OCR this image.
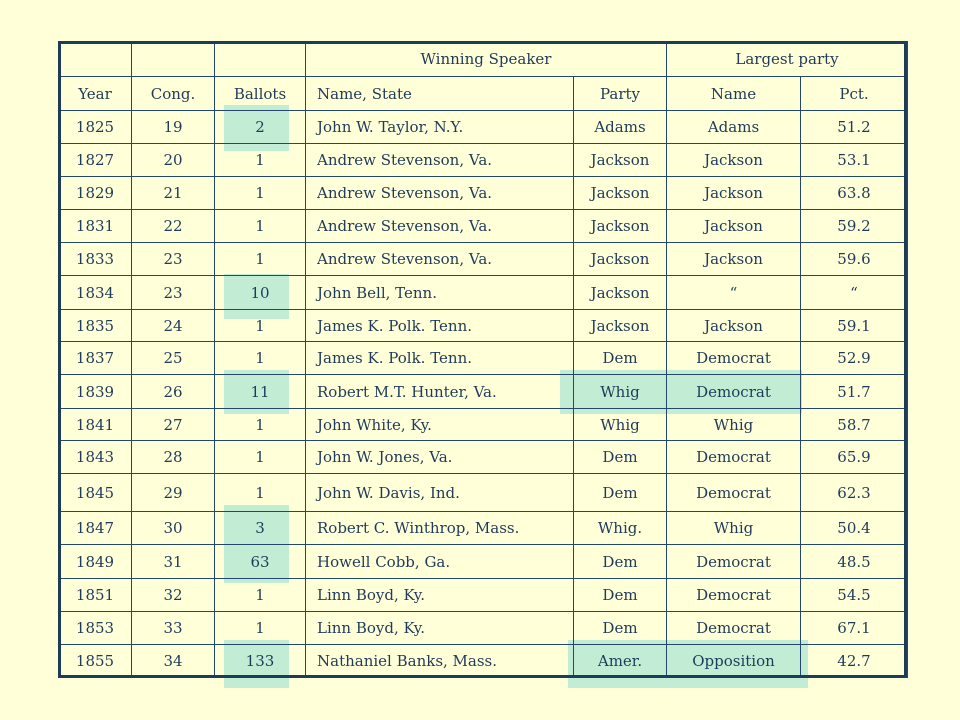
			Winning Speaker		Largest party	
Year	Cong.	Ballots	Name, State	Party	Name	Pct.
1825	19	2	John W. Taylor, N.Y.	Adams	Adams	51.2
1827	20	1	Andrew Stevenson, Va.	Jackson	Jackson	53.1
1829	21	1	Andrew Stevenson, Va.	Jackson	Jackson	63.8
1831	22	1	Andrew Stevenson, Va.	Jackson	Jackson	59.2
1833	23	1	Andrew Stevenson, Va.	Jackson	Jackson	59.6
1834	23	10	John Bell, Tenn.	Jackson	“	“
1835	24	1	James K. Polk. Tenn.	Jackson	Jackson	59.1
1837	25	1	James K. Polk. Tenn.	Dem	Democrat	52.9
1839	26	11	Robert M.T. Hunter, Va.	Whig	Democrat	51.7
1841	27	1	John White, Ky.	Whig	Whig	58.7
1843	28	1	John W. Jones, Va.	Dem	Democrat	65.9
1845	29	1	John W. Davis, Ind.	Dem	Democrat	62.3
1847	30	3	Robert C. Winthrop, Mass.	Whig.	Whig	50.4
1849	31	63	Howell Cobb, Ga.	Dem	Democrat	48.5
1851	32	1	Linn Boyd, Ky.	Dem	Democrat	54.5
1853	33	1	Linn Boyd, Ky.	Dem	Democrat	67.1
1855	34	133	Nathaniel Banks, Mass.	Amer.	Opposition	42.7
